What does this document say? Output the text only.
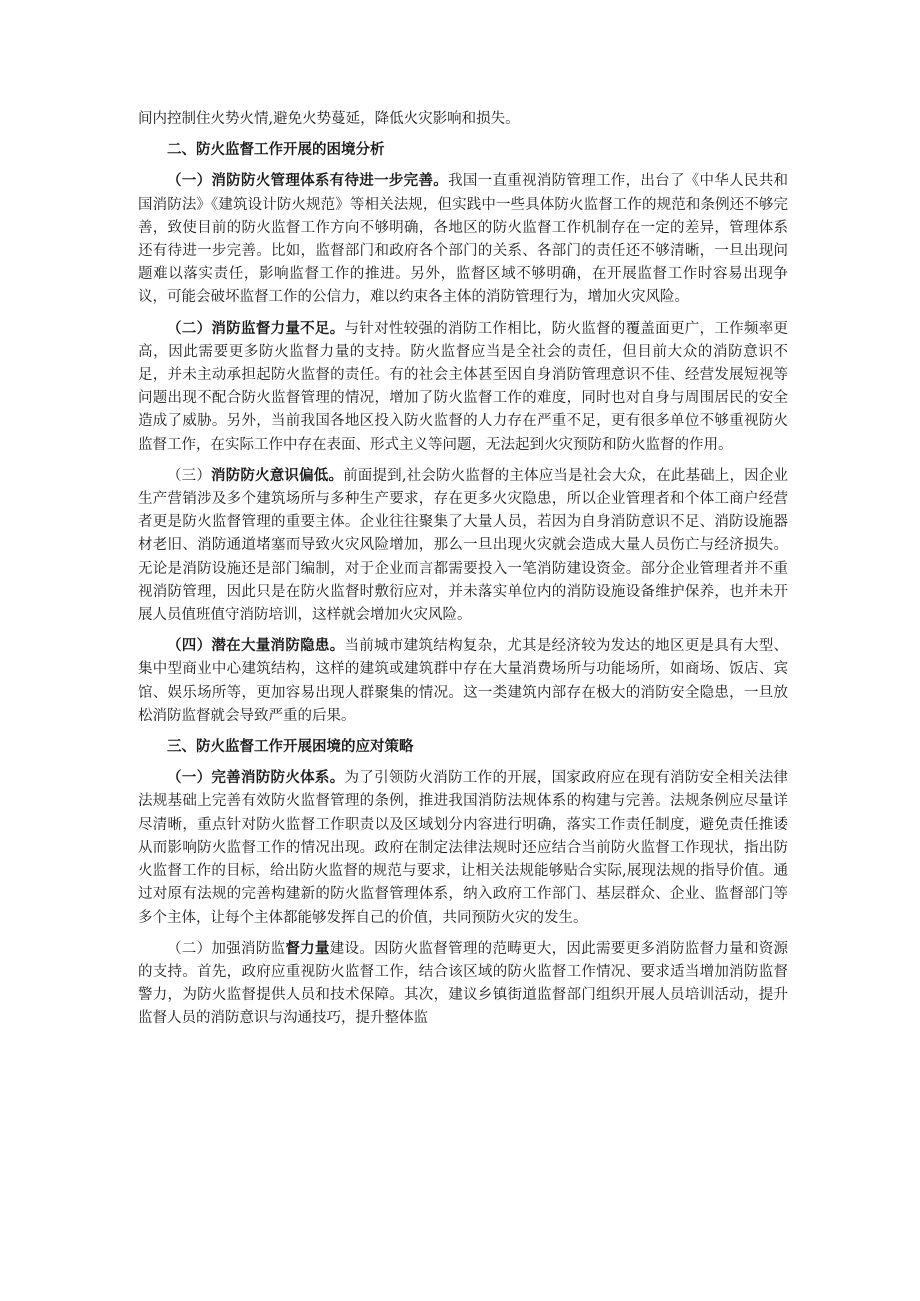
间内控制住火势火情,避免火势蔓延，降低火灾影响和损失。

二、防火监督工作开展的困境分析

（一）消防防火管理体系有待进一步完善。我国一直重视消防管理工作，出台了《中华人民共和国消防法》《建筑设计防火规范》等相关法规，但实践中一些具体防火监督工作的规范和条例还不够完善，致使目前的防火监督工作方向不够明确，各地区的防火监督工作机制存在一定的差异，管理体系还有待进一步完善。比如，监督部门和政府各个部门的关系、各部门的责任还不够清晰，一旦出现问题难以落实责任，影响监督工作的推进。另外，监督区域不够明确，在开展监督工作时容易出现争议，可能会破坏监督工作的公信力，难以约束各主体的消防管理行为，增加火灾风险。

（二）消防监督力量不足。与针对性较强的消防工作相比，防火监督的覆盖面更广，工作频率更高，因此需要更多防火监督力量的支持。防火监督应当是全社会的责任，但目前大众的消防意识不足，并未主动承担起防火监督的责任。有的社会主体甚至因自身消防管理意识不佳、经营发展短视等问题出现不配合防火监督管理的情况，增加了防火监督工作的难度，同时也对自身与周围居民的安全造成了威胁。另外，当前我国各地区投入防火监督的人力存在严重不足，更有很多单位不够重视防火监督工作，在实际工作中存在表面、形式主义等问题，无法起到火灾预防和防火监督的作用。

（三）消防防火意识偏低。前面提到,社会防火监督的主体应当是社会大众，在此基础上，因企业生产营销涉及多个建筑场所与多种生产要求，存在更多火灾隐患，所以企业管理者和个体工商户经营者更是防火监督管理的重要主体。企业往往聚集了大量人员，若因为自身消防意识不足、消防设施器材老旧、消防通道堵塞而导致火灾风险增加，那么一旦出现火灾就会造成大量人员伤亡与经济损失。无论是消防设施还是部门编制，对于企业而言都需要投入一笔消防建设资金。部分企业管理者并不重视消防管理，因此只是在防火监督时敷衍应对，并未落实单位内的消防设施设备维护保养，也并未开展人员值班值守消防培训，这样就会增加火灾风险。

（四）潜在大量消防隐患。当前城市建筑结构复杂，尤其是经济较为发达的地区更是具有大型、集中型商业中心建筑结构，这样的建筑或建筑群中存在大量消费场所与功能场所，如商场、饭店、宾馆、娱乐场所等，更加容易出现人群聚集的情况。这一类建筑内部存在极大的消防安全隐患，一旦放松消防监督就会导致严重的后果。

三、防火监督工作开展困境的应对策略

（一）完善消防防火体系。为了引领防火消防工作的开展，国家政府应在现有消防安全相关法律法规基础上完善有效防火监督管理的条例，推进我国消防法规体系的构建与完善。法规条例应尽量详尽清晰，重点针对防火监督工作职责以及区域划分内容进行明确，落实工作责任制度，避免责任推诿从而影响防火监督工作的情况出现。政府在制定法律法规时还应结合当前防火监督工作现状，指出防火监督工作的目标，给出防火监督的规范与要求，让相关法规能够贴合实际,展现法规的指导价值。通过对原有法规的完善构建新的防火监督管理体系，纳入政府工作部门、基层群众、企业、监督部门等多个主体，让每个主体都能够发挥自己的价值，共同预防火灾的发生。

（二）加强消防监督力量建设。因防火监督管理的范畴更大，因此需要更多消防监督力量和资源的支持。首先，政府应重视防火监督工作，结合该区域的防火监督工作情况、要求适当增加消防监督警力，为防火监督提供人员和技术保障。其次，建议乡镇街道监督部门组织开展人员培训活动，提升监督人员的消防意识与沟通技巧，提升整体监
